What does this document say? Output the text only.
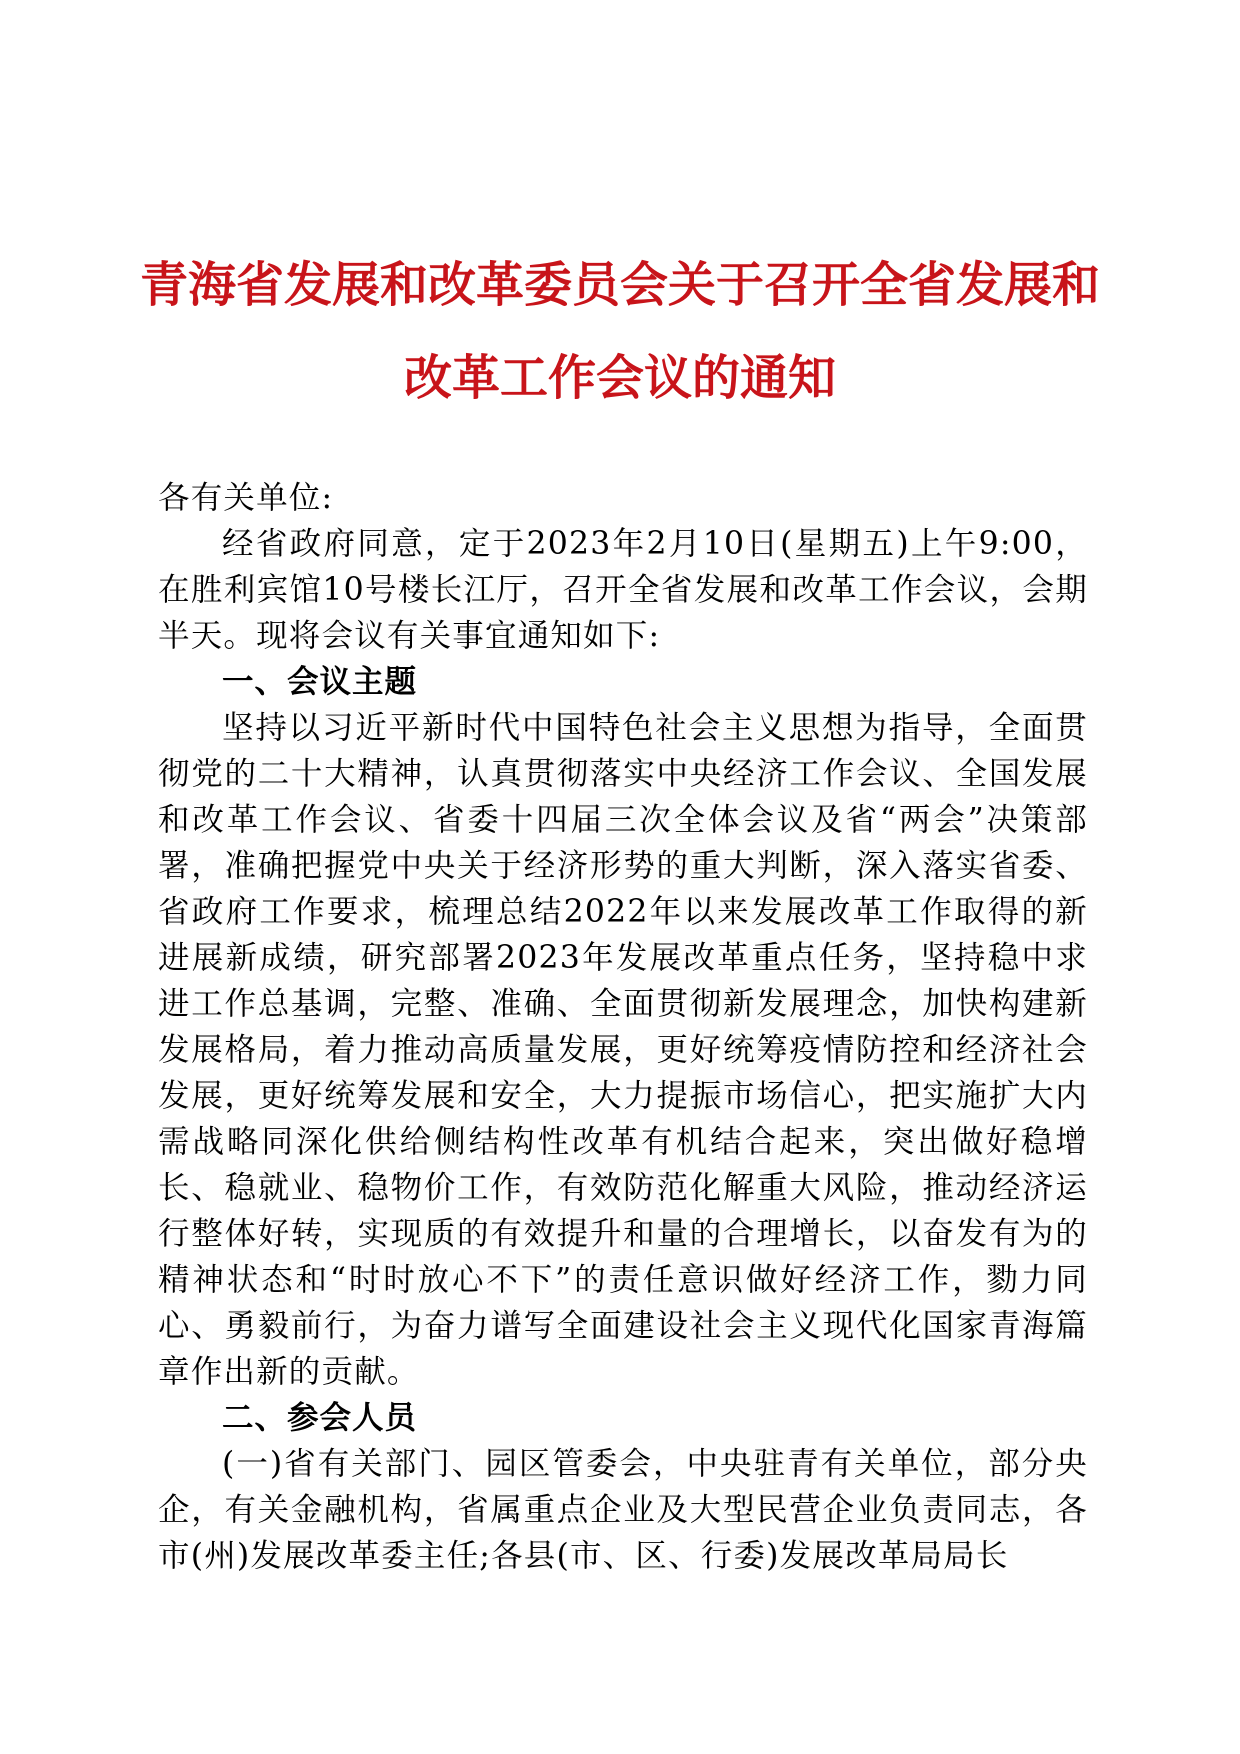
青海省发展和改革委员会关于召开全省发展和
改革工作会议的通知

各有关单位:

经省政府同意，定于2023年2月10日(星期五)上午9:00，在胜利宾馆10号楼长江厅，召开全省发展和改革工作会议，会期半天。现将会议有关事宜通知如下:

一、会议主题

坚持以习近平新时代中国特色社会主义思想为指导，全面贯彻党的二十大精神，认真贯彻落实中央经济工作会议、全国发展和改革工作会议、省委十四届三次全体会议及省“两会”决策部署，准确把握党中央关于经济形势的重大判断，深入落实省委、省政府工作要求，梳理总结2022年以来发展改革工作取得的新进展新成绩，研究部署2023年发展改革重点任务，坚持稳中求进工作总基调，完整、准确、全面贯彻新发展理念，加快构建新发展格局，着力推动高质量发展，更好统筹疫情防控和经济社会发展，更好统筹发展和安全，大力提振市场信心，把实施扩大内需战略同深化供给侧结构性改革有机结合起来，突出做好稳增长、稳就业、稳物价工作，有效防范化解重大风险，推动经济运行整体好转，实现质的有效提升和量的合理增长，以奋发有为的精神状态和“时时放心不下”的责任意识做好经济工作，勠力同心、勇毅前行，为奋力谱写全面建设社会主义现代化国家青海篇章作出新的贡献。

二、参会人员

(一)省有关部门、园区管委会，中央驻青有关单位，部分央企，有关金融机构，省属重点企业及大型民营企业负责同志，各市(州)发展改革委主任;各县(市、区、行委)发展改革局局长
